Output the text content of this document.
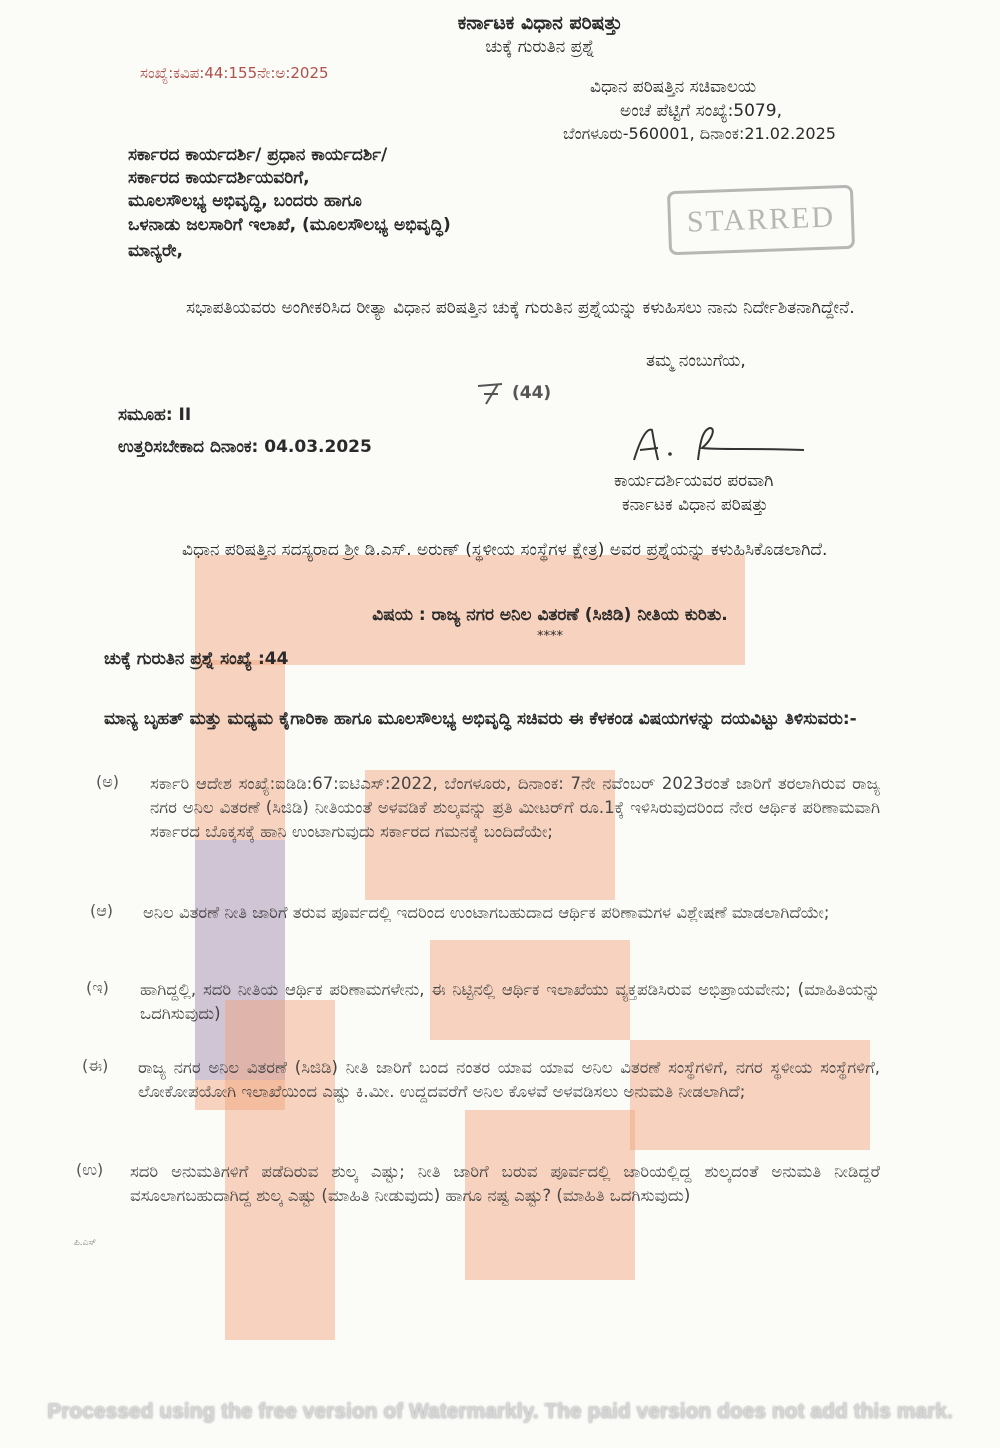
ಕರ್ನಾಟಕ ವಿಧಾನ ಪರಿಷತ್ತು
ಚುಕ್ಕೆ ಗುರುತಿನ ಪ್ರಶ್ನೆ
ಸಂಖ್ಯೆ:ಕವಿಪ:44:155ನೇ:ಅ:2025
ವಿಧಾನ ಪರಿಷತ್ತಿನ ಸಚಿವಾಲಯ
ಅಂಚೆ ಪೆಟ್ಟಿಗೆ ಸಂಖ್ಯೆ:5079,
ಬೆಂಗಳೂರು-560001, ದಿನಾಂಕ:21.02.2025
STARRED
ಸರ್ಕಾರದ ಕಾರ್ಯದರ್ಶಿ/ ಪ್ರಧಾನ ಕಾರ್ಯದರ್ಶಿ/
ಸರ್ಕಾರದ ಕಾರ್ಯದರ್ಶಿಯವರಿಗೆ,
ಮೂಲಸೌಲಭ್ಯ ಅಭಿವೃದ್ಧಿ, ಬಂದರು ಹಾಗೂ
ಒಳನಾಡು ಜಲಸಾರಿಗೆ ಇಲಾಖೆ, (ಮೂಲಸೌಲಭ್ಯ ಅಭಿವೃದ್ಧಿ)
ಮಾನ್ಯರೇ,
ಸಭಾಪತಿಯವರು ಅಂಗೀಕರಿಸಿದ ರೀತ್ಯಾ ವಿಧಾನ ಪರಿಷತ್ತಿನ ಚುಕ್ಕೆ ಗುರುತಿನ ಪ್ರಶ್ನೆಯನ್ನು ಕಳುಹಿಸಲು ನಾನು ನಿರ್ದೇಶಿತನಾಗಿದ್ದೇನೆ.
ತಮ್ಮ ನಂಬುಗೆಯ,
(44)
ಸಮೂಹ: II
ಉತ್ತರಿಸಬೇಕಾದ ದಿನಾಂಕ: 04.03.2025
ಕಾರ್ಯದರ್ಶಿಯವರ ಪರವಾಗಿ
ಕರ್ನಾಟಕ ವಿಧಾನ ಪರಿಷತ್ತು
ವಿಧಾನ ಪರಿಷತ್ತಿನ ಸದಸ್ಯರಾದ ಶ್ರೀ ಡಿ.ಎಸ್. ಅರುಣ್ (ಸ್ಥಳೀಯ ಸಂಸ್ಥೆಗಳ ಕ್ಷೇತ್ರ) ಅವರ ಪ್ರಶ್ನೆಯನ್ನು ಕಳುಹಿಸಿಕೊಡಲಾಗಿದೆ.
ವಿಷಯ : ರಾಜ್ಯ ನಗರ ಅನಿಲ ವಿತರಣೆ (ಸಿಜಿಡಿ) ನೀತಿಯ ಕುರಿತು.
****
ಚುಕ್ಕೆ ಗುರುತಿನ ಪ್ರಶ್ನೆ ಸಂಖ್ಯೆ :44
ಮಾನ್ಯ ಬೃಹತ್ ಮತ್ತು ಮಧ್ಯಮ ಕೈಗಾರಿಕಾ ಹಾಗೂ ಮೂಲಸೌಲಭ್ಯ ಅಭಿವೃದ್ಧಿ ಸಚಿವರು ಈ ಕೆಳಕಂಡ ವಿಷಯಗಳನ್ನು ದಯವಿಟ್ಟು ತಿಳಿಸುವರು:-
(ಅ) ಸರ್ಕಾರಿ ಆದೇಶ ಸಂಖ್ಯೆ:ಐಡಿಡಿ:67:ಐಟಿಎಸ್:2022, ಬೆಂಗಳೂರು, ದಿನಾಂಕ: 7ನೇ ನವೆಂಬರ್ 2023ರಂತೆ ಜಾರಿಗೆ ತರಲಾಗಿರುವ ರಾಜ್ಯ ನಗರ ಅನಿಲ ವಿತರಣೆ (ಸಿಜಿಡಿ) ನೀತಿಯಂತೆ ಅಳವಡಿಕೆ ಶುಲ್ಕವನ್ನು ಪ್ರತಿ ಮೀಟರ್‌ಗೆ ರೂ.1ಕ್ಕೆ ಇಳಿಸಿರುವುದರಿಂದ ನೇರ ಆರ್ಥಿಕ ಪರಿಣಾಮವಾಗಿ ಸರ್ಕಾರದ ಬೊಕ್ಕಸಕ್ಕೆ ಹಾನಿ ಉಂಟಾಗುವುದು ಸರ್ಕಾರದ ಗಮನಕ್ಕೆ ಬಂದಿದೆಯೇ;
(ಆ) ಅನಿಲ ವಿತರಣೆ ನೀತಿ ಜಾರಿಗೆ ತರುವ ಪೂರ್ವದಲ್ಲಿ ಇದರಿಂದ ಉಂಟಾಗಬಹುದಾದ ಆರ್ಥಿಕ ಪರಿಣಾಮಗಳ ವಿಶ್ಲೇಷಣೆ ಮಾಡಲಾಗಿದೆಯೇ;
(ಇ) ಹಾಗಿದ್ದಲ್ಲಿ, ಸದರಿ ನೀತಿಯ ಆರ್ಥಿಕ ಪರಿಣಾಮಗಳೇನು, ಈ ನಿಟ್ಟಿನಲ್ಲಿ ಆರ್ಥಿಕ ಇಲಾಖೆಯು ವ್ಯಕ್ತಪಡಿಸಿರುವ ಅಭಿಪ್ರಾಯವೇನು; (ಮಾಹಿತಿಯನ್ನು ಒದಗಿಸುವುದು)
(ಈ) ರಾಜ್ಯ ನಗರ ಅನಿಲ ವಿತರಣೆ (ಸಿಜಿಡಿ) ನೀತಿ ಜಾರಿಗೆ ಬಂದ ನಂತರ ಯಾವ ಯಾವ ಅನಿಲ ವಿತರಣೆ ಸಂಸ್ಥೆಗಳಿಗೆ, ನಗರ ಸ್ಥಳೀಯ ಸಂಸ್ಥೆಗಳಿಗೆ, ಲೋಕೋಪಯೋಗಿ ಇಲಾಖೆಯಿಂದ ಎಷ್ಟು ಕಿ.ಮೀ. ಉದ್ದದವರೆಗೆ ಅನಿಲ ಕೊಳವೆ ಅಳವಡಿಸಲು ಅನುಮತಿ ನೀಡಲಾಗಿದೆ;
(ಉ) ಸದರಿ ಅನುಮತಿಗಳಿಗೆ ಪಡೆದಿರುವ ಶುಲ್ಕ ಎಷ್ಟು; ನೀತಿ ಜಾರಿಗೆ ಬರುವ ಪೂರ್ವದಲ್ಲಿ ಜಾರಿಯಲ್ಲಿದ್ದ ಶುಲ್ಕದಂತೆ ಅನುಮತಿ ನೀಡಿದ್ದರೆ ವಸೂಲಾಗಬಹುದಾಗಿದ್ದ ಶುಲ್ಕ ಎಷ್ಟು (ಮಾಹಿತಿ ನೀಡುವುದು) ಹಾಗೂ ನಷ್ಟ ಎಷ್ಟು? (ಮಾಹಿತಿ ಒದಗಿಸುವುದು)
ಪಿ.ಎಸ್
Processed using the free version of Watermarkly. The paid version does not add this mark.
